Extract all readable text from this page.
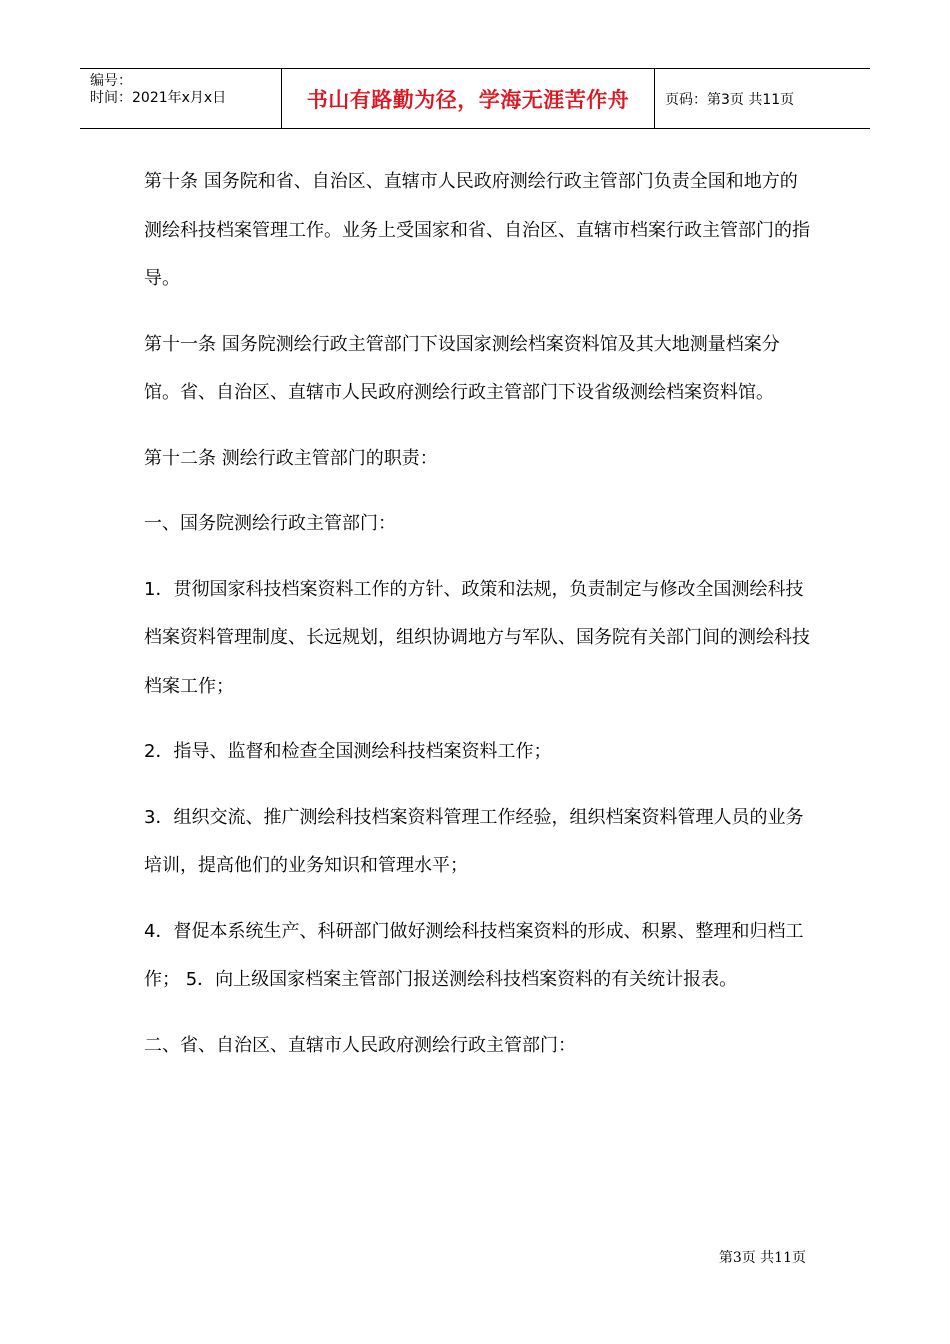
编号：
时间：2021年x月x日	书山有路勤为径，学海无涯苦作舟	页码：第3页 共11页

第十条 国务院和省、自治区、直辖市人民政府测绘行政主管部门负责全国和地方的测绘科技档案管理工作。业务上受国家和省、自治区、直辖市档案行政主管部门的指导。

第十一条 国务院测绘行政主管部门下设国家测绘档案资料馆及其大地测量档案分馆。省、自治区、直辖市人民政府测绘行政主管部门下设省级测绘档案资料馆。

第十二条 测绘行政主管部门的职责：

一、国务院测绘行政主管部门：

1．贯彻国家科技档案资料工作的方针、政策和法规，负责制定与修改全国测绘科技档案资料管理制度、长远规划，组织协调地方与军队、国务院有关部门间的测绘科技档案工作；

2．指导、监督和检查全国测绘科技档案资料工作；

3．组织交流、推广测绘科技档案资料管理工作经验，组织档案资料管理人员的业务培训，提高他们的业务知识和管理水平；

4．督促本系统生产、科研部门做好测绘科技档案资料的形成、积累、整理和归档工作； 5．向上级国家档案主管部门报送测绘科技档案资料的有关统计报表。

二、省、自治区、直辖市人民政府测绘行政主管部门：

第3页 共11页
